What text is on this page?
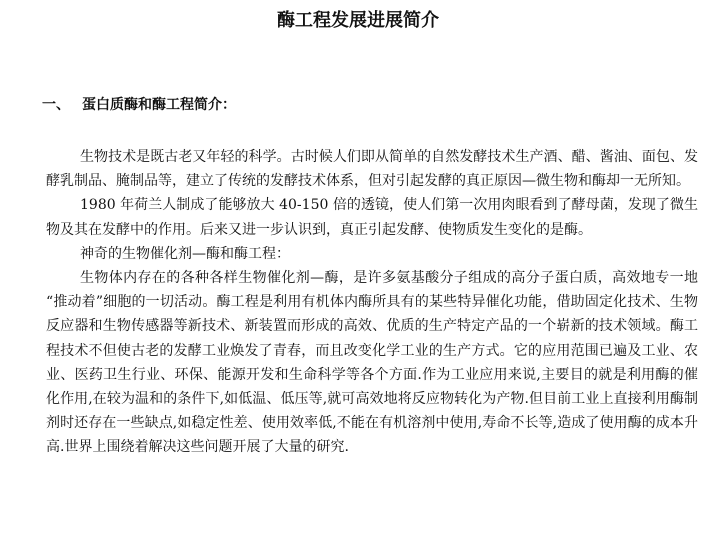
酶工程发展进展简介
一、 蛋白质酶和酶工程简介：

生物技术是既古老又年轻的科学。古时候人们即从简单的自然发酵技术生产酒、醋、酱油、面包、发酵乳制品、腌制品等，建立了传统的发酵技术体系，但对引起发酵的真正原因—微生物和酶却一无所知。

1980 年荷兰人制成了能够放大 40-150 倍的透镜，使人们第一次用肉眼看到了酵母菌，发现了微生物及其在发酵中的作用。后来又进一步认识到，真正引起发酵、使物质发生变化的是酶。

神奇的生物催化剂—酶和酶工程：

生物体内存在的各种各样生物催化剂—酶，是许多氨基酸分子组成的高分子蛋白质，高效地专一地 “推动着”细胞的一切活动。酶工程是利用有机体内酶所具有的某些特异催化功能，借助固定化技术、生物反应器和生物传感器等新技术、新装置而形成的高效、优质的生产特定产品的一个崭新的技术领域。酶工程技术不但使古老的发酵工业焕发了青春，而且改变化学工业的生产方式。它的应用范围已遍及工业、农业、医药卫生行业、环保、能源开发和生命科学等各个方面.作为工业应用来说,主要目的就是利用酶的催化作用,在较为温和的条件下,如低温、低压等,就可高效地将反应物转化为产物.但目前工业上直接利用酶制剂时还存在一些缺点,如稳定性差、使用效率低,不能在有机溶剂中使用,寿命不长等,造成了使用酶的成本升高.世界上围绕着解决这些问题开展了大量的研究.
